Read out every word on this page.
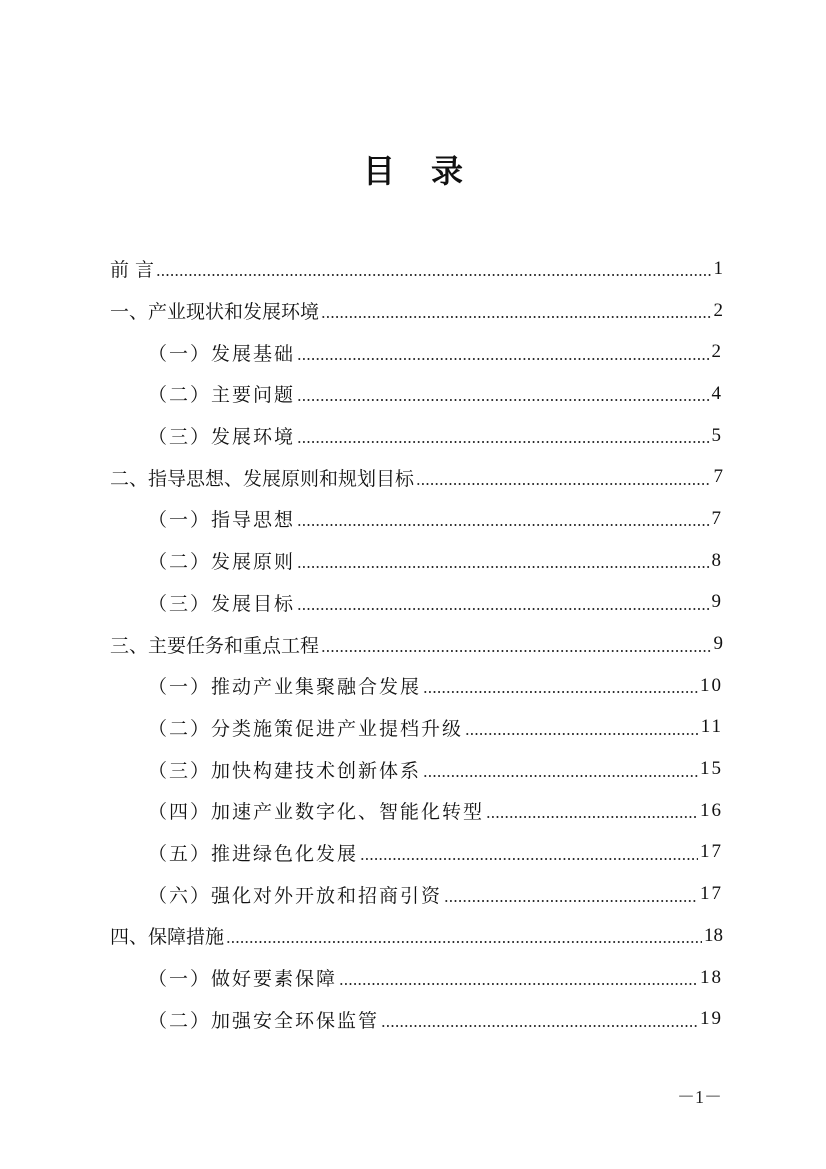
目 录
前 言	1
一、产业现状和发展环境	2
（一）发展基础	2
（二）主要问题	4
（三）发展环境	5
二、指导思想、发展原则和规划目标	7
（一）指导思想	7
（二）发展原则	8
（三）发展目标	9
三、主要任务和重点工程	9
（一）推动产业集聚融合发展	10
（二）分类施策促进产业提档升级	11
（三）加快构建技术创新体系	15
（四）加速产业数字化、智能化转型	16
（五）推进绿色化发展	17
（六）强化对外开放和招商引资	17
四、保障措施	18
（一）做好要素保障	18
（二）加强安全环保监管	19
－1－
